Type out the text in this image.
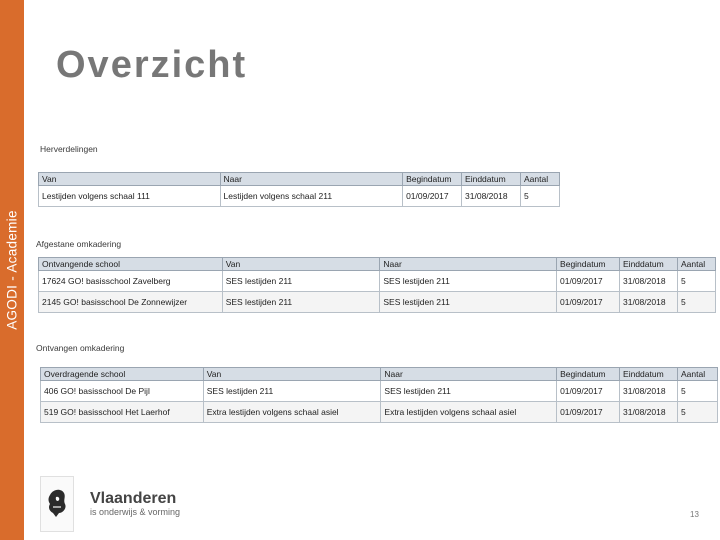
AGODI - Academie
Overzicht
Herverdelingen
Van	Naar	Begindatum	Einddatum	Aantal
Lestijden volgens schaal 111	Lestijden volgens schaal 211	01/09/2017	31/08/2018	5
Afgestane omkadering
Ontvangende school	Van	Naar	Begindatum	Einddatum	Aantal
17624 GO! basisschool Zavelberg	SES lestijden 211	SES lestijden 211	01/09/2017	31/08/2018	5
2145 GO! basisschool De Zonnewijzer	SES lestijden 211	SES lestijden 211	01/09/2017	31/08/2018	5
Ontvangen omkadering
Overdragende school	Van	Naar	Begindatum	Einddatum	Aantal
406 GO! basisschool De Pijl	SES lestijden 211	SES lestijden 211	01/09/2017	31/08/2018	5
519 GO! basisschool Het Laerhof	Extra lestijden volgens schaal asiel	Extra lestijden volgens schaal asiel	01/09/2017	31/08/2018	5
Vlaanderen
is onderwijs & vorming	13
